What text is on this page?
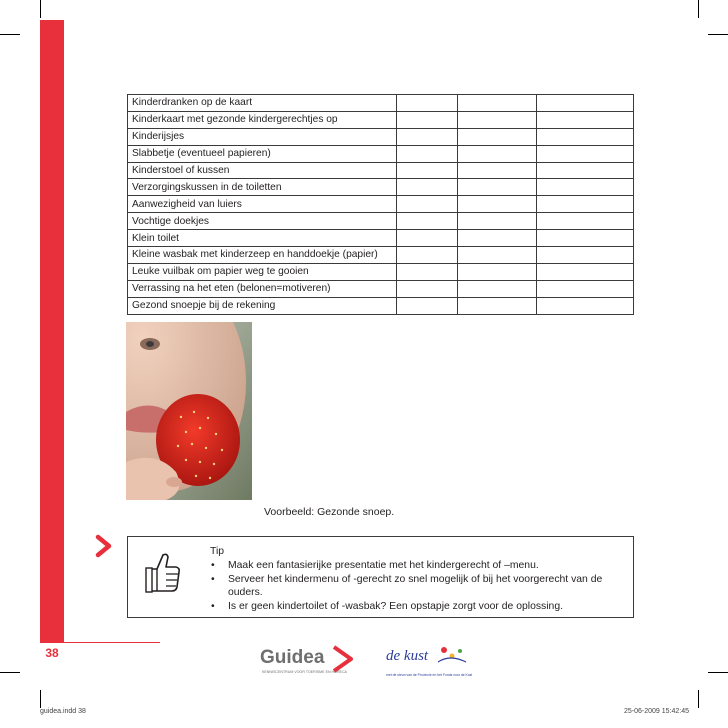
38
Kinderdranken op de kaart			
Kinderkaart met gezonde kindergerechtjes op			
Kinderijsjes			
Slabbetje (eventueel papieren)			
Kinderstoel of kussen			
Verzorgingskussen in de toiletten			
Aanwezigheid van luiers			
Vochtige doekjes			
Klein toilet			
Kleine wasbak met kinderzeep en handdoekje (papier)			
Leuke vuilbak om papier weg te gooien			
Verrassing na het eten (belonen=motiveren)			
Gezond snoepje bij de rekening			
Voorbeeld: Gezonde snoep.
Tip
• Maak een fantasierijke presentatie met het kindergerecht of –menu.
• Serveer het kindermenu of -gerecht zo snel mogelijk of bij het voorgerecht van de ouders.
• Is er geen kindertoilet of -wasbak? Een opstapje zorgt voor de oplossing.
Guidea
KENNISCENTRUM VOOR TOERISME EN HORECA
de kust
met de steun van de Provincie en het Fonds voor de Kust
guidea.indd 38	25-06-2009 15:42:45
